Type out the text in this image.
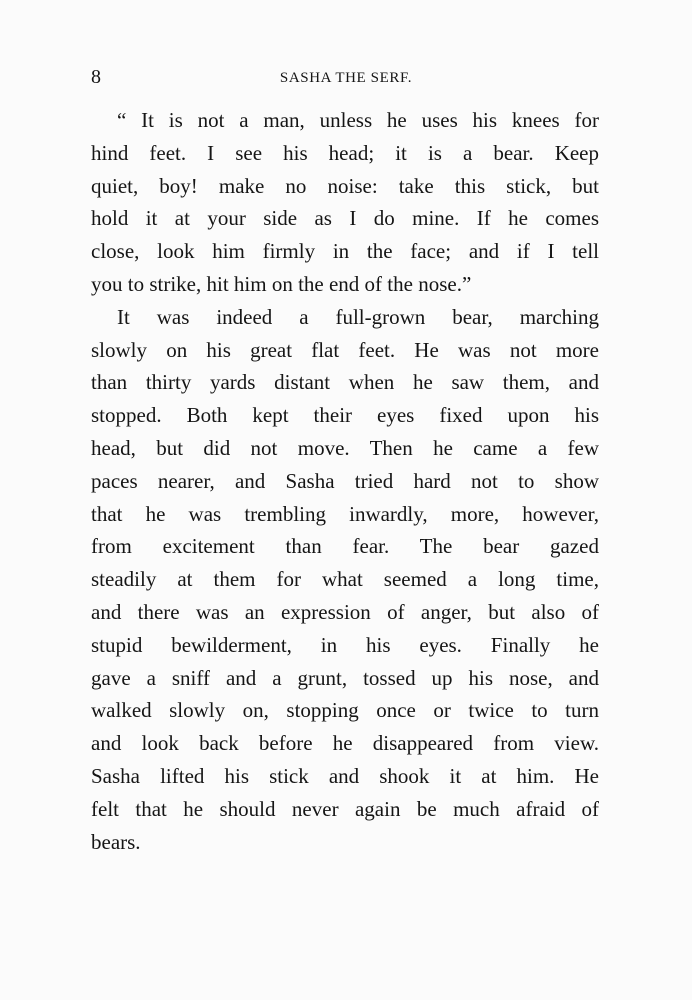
8	SASHA THE SERF.
“ It is not a man, unless he uses his knees for
hind feet. I see his head; it is a bear. Keep
quiet, boy! make no noise: take this stick, but
hold it at your side as I do mine. If he comes
close, look him firmly in the face; and if I tell
you to strike, hit him on the end of the nose.”
It was indeed a full-grown bear, marching
slowly on his great flat feet. He was not more
than thirty yards distant when he saw them, and
stopped. Both kept their eyes fixed upon his
head, but did not move. Then he came a few
paces nearer, and Sasha tried hard not to show
that he was trembling inwardly, more, however,
from excitement than fear. The bear gazed
steadily at them for what seemed a long time,
and there was an expression of anger, but also of
stupid bewilderment, in his eyes. Finally he
gave a sniff and a grunt, tossed up his nose, and
walked slowly on, stopping once or twice to turn
and look back before he disappeared from view.
Sasha lifted his stick and shook it at him. He
felt that he should never again be much afraid of
bears.
